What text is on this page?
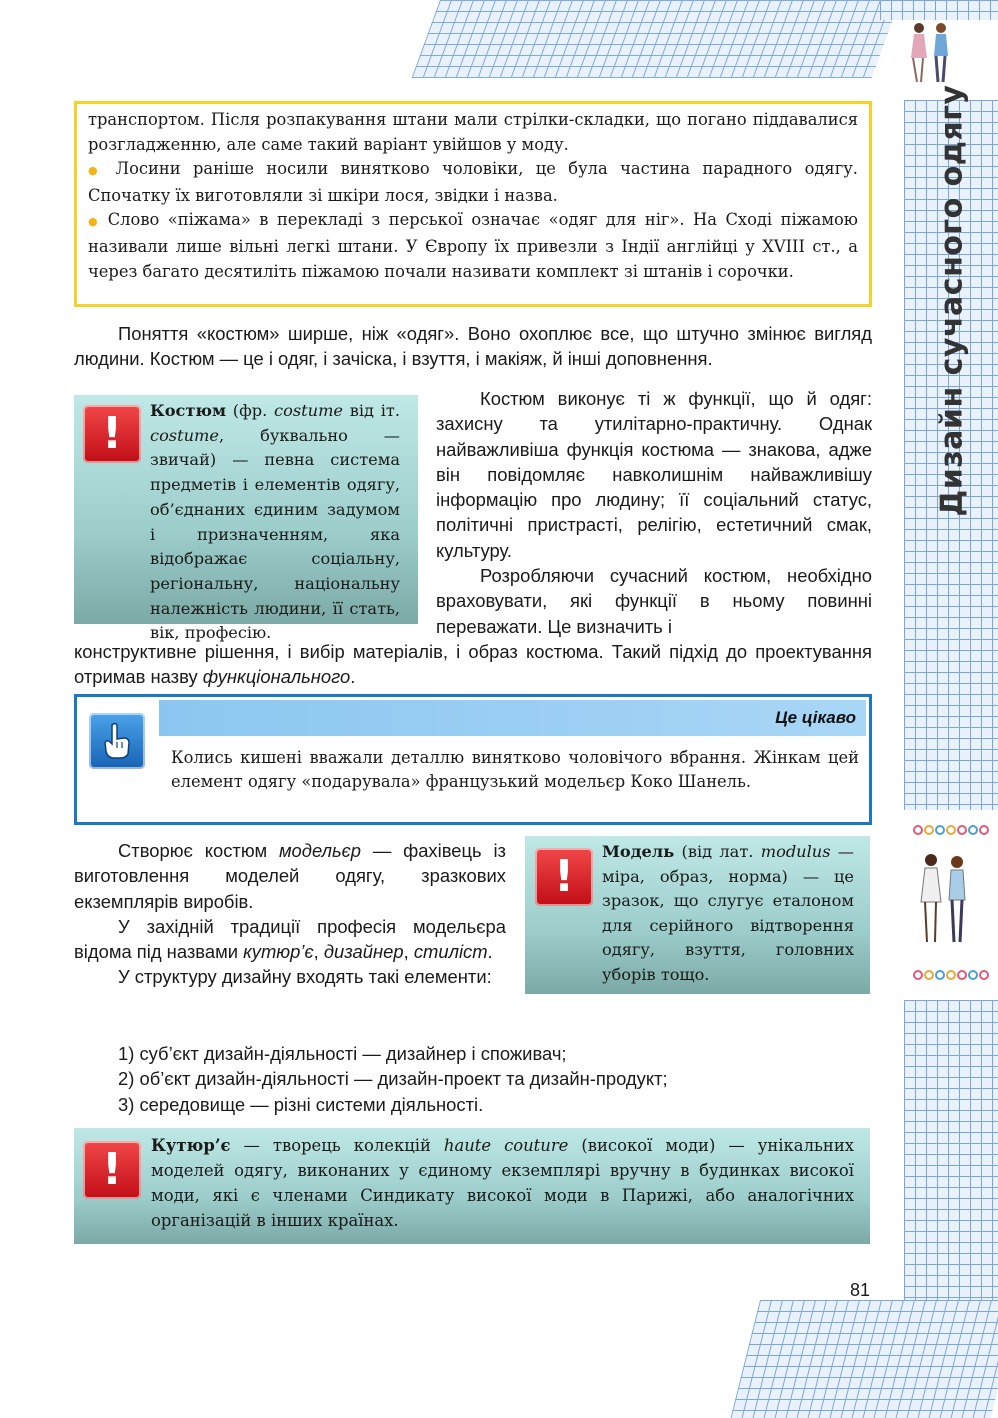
Дизайн сучасного одягу

транспортом. Після розпакування штани мали стрілки-складки, що погано піддавалися розгладженню, але саме такий варіант увійшов у моду.

● Лосини раніше носили винятково чоловіки, це була частина парадного одягу. Спочатку їх виготовляли зі шкіри лося, звідки і назва.

● Слово «піжама» в перекладі з перської означає «одяг для ніг». На Сході піжамою називали лише вільні легкі штани. У Європу їх привезли з Індії англійці у XVIII ст., а через багато десятиліть піжамою почали називати комплект зі штанів і сорочки.

Поняття «костюм» ширше, ніж «одяг». Воно охоплює все, що штучно змінює вигляд людини. Костюм — це і одяг, і зачіска, і взуття, і макіяж, й інші доповнення.

! Костюм (фр. costume від іт. costume, буквально — звичай) — певна система предметів і елементів одягу, об’єднаних єдиним задумом і призначенням, яка відображає соціальну, регіональну, національну належність людини, її стать, вік, професію.

Костюм виконує ті ж функції, що й одяг: захисну та утилітарно-практичну. Однак найважливіша функція костюма — знакова, адже він повідомляє навколишнім найважливішу інформацію про людину; її соціальний статус, політичні пристрасті, релігію, естетичний смак, культуру.

Розробляючи сучасний костюм, необхідно враховувати, які функції в ньому повинні переважати. Це визначить і

конструктивне рішення, і вибір матеріалів, і образ костюма. Такий підхід до проектування отримав назву функціонального.

Це цікаво
Колись кишені вважали деталлю винятково чоловічого вбрання. Жінкам цей елемент одягу «подарувала» французький модельєр Коко Шанель.

Створює костюм модельєр — фахівець із виготовлення моделей одягу, зразкових екземплярів виробів.

У західній традиції професія модельєра відома під назвами кутюр’є, дизайнер, стиліст.

У структуру дизайну входять такі елементи:

! Модель (від лат. modulus — міра, образ, норма) — це зразок, що слугує еталоном для серійного відтворення одягу, взуття, головних уборів тощо.
1) суб’єкт дизайн-діяльності — дизайнер і споживач;
2) об’єкт дизайн-діяльності — дизайн-проект та дизайн-продукт;
3) середовище — різні системи діяльності.
! Кутюр’є — творець колекцій haute couture (високої моди) — унікальних моделей одягу, виконаних у єдиному екземплярі вручну в будинках високої моди, які є членами Синдикату високої моди в Парижі, або аналогічних організацій в інших країнах.
81
